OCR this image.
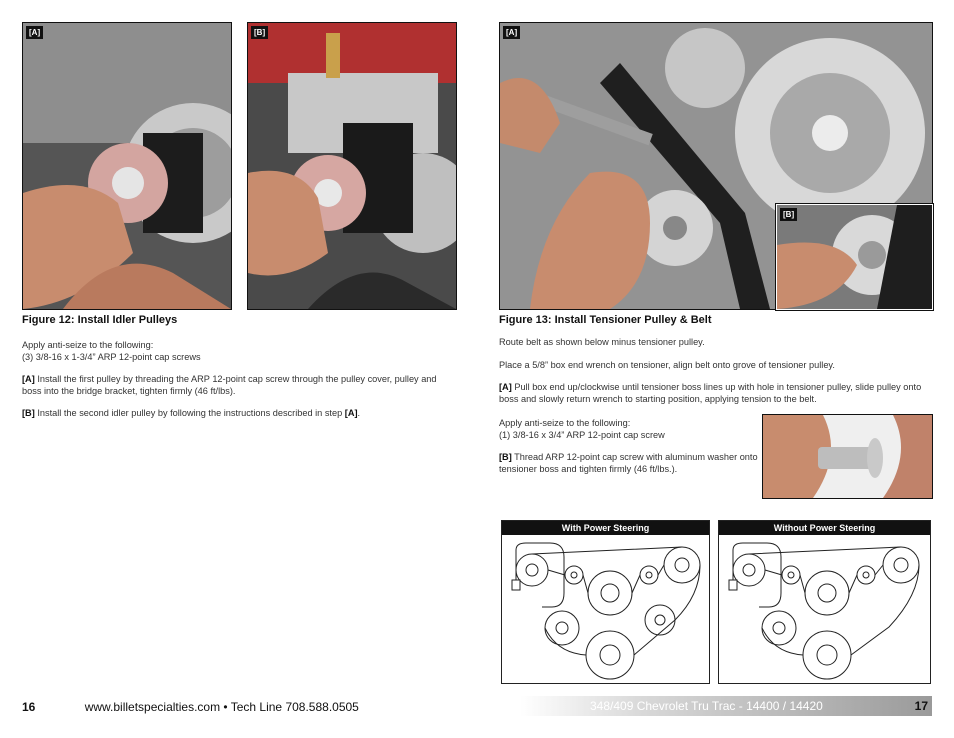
[A]	[B]
Figure 12: Install Idler Pulleys

Apply anti-seize to the following:
(3) 3/8-16 x 1-3/4” ARP 12-point cap screws

[A] Install the first pulley by threading the ARP 12-point cap screw through the pulley cover, pulley and boss into the bridge bracket, tighten firmly (46 ft/lbs).

[B] Install the second idler pulley by following the instructions described in step [A].

[A]
[B]
Figure 13: Install Tensioner Pulley & Belt

Route belt as shown below minus tensioner pulley.

Place a 5/8” box end wrench on tensioner, align belt onto grove of tensioner pulley.

[A] Pull box end up/clockwise until tensioner boss lines up with hole in tensioner pulley, slide pulley onto boss and slowly return wrench to starting position, applying tension to the belt.

Apply anti-seize to the following:
(1) 3/8-16 x 3/4” ARP 12-point cap screw

[B] Thread ARP 12-point cap screw with aluminum washer onto tensioner boss and tighten firmly (46 ft/lbs.).

With Power Steering	Without Power Steering
16	www.billetspecialties.com • Tech Line 708.588.0505	348/409 Chevrolet Tru Trac - 14400 / 14420	17
